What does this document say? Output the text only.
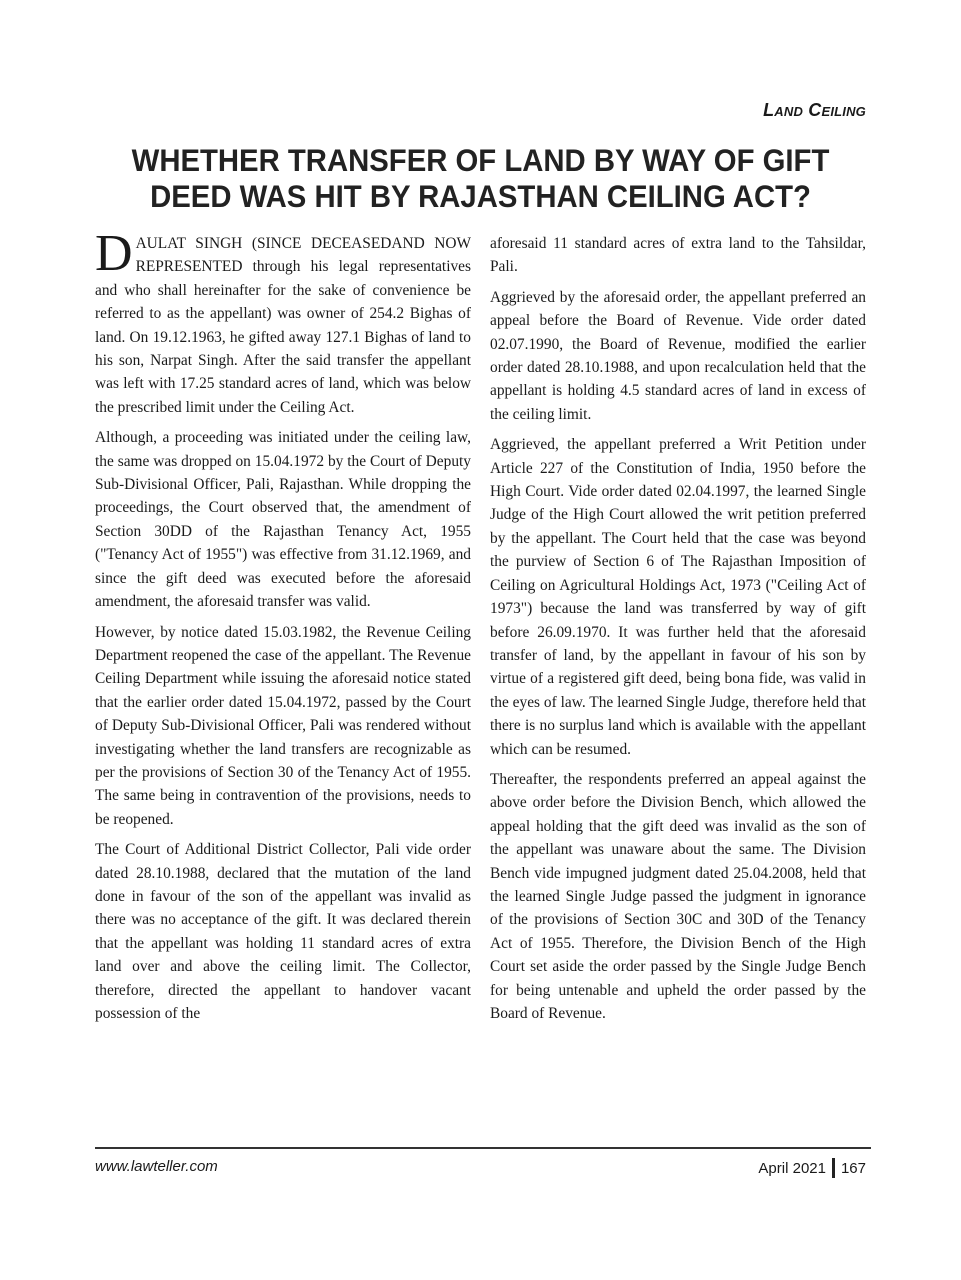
Land Ceiling
WHETHER TRANSFER OF LAND BY WAY OF GIFT DEED WAS HIT BY RAJASTHAN CEILING ACT?

DAULAT SINGH (SINCE DECEASEDAND NOW REPRESENTED through his legal representatives and who shall hereinafter for the sake of convenience be referred to as the appellant) was owner of 254.2 Bighas of land. On 19.12.1963, he gifted away 127.1 Bighas of land to his son, Narpat Singh. After the said transfer the appellant was left with 17.25 standard acres of land, which was below the prescribed limit under the Ceiling Act.

Although, a proceeding was initiated under the ceiling law, the same was dropped on 15.04.1972 by the Court of Deputy Sub-Divisional Officer, Pali, Rajasthan. While dropping the proceedings, the Court observed that, the amendment of Section 30DD of the Rajasthan Tenancy Act, 1955 ("Tenancy Act of 1955") was effective from 31.12.1969, and since the gift deed was executed before the aforesaid amendment, the aforesaid transfer was valid.

However, by notice dated 15.03.1982, the Revenue Ceiling Department reopened the case of the appellant. The Revenue Ceiling Department while issuing the aforesaid notice stated that the earlier order dated 15.04.1972, passed by the Court of Deputy Sub-Divisional Officer, Pali was rendered without investigating whether the land transfers are recognizable as per the provisions of Section 30 of the Tenancy Act of 1955. The same being in contravention of the provisions, needs to be reopened.

The Court of Additional District Collector, Pali vide order dated 28.10.1988, declared that the mutation of the land done in favour of the son of the appellant was invalid as there was no acceptance of the gift. It was declared therein that the appellant was holding 11 standard acres of extra land over and above the ceiling limit. The Collector, therefore, directed the appellant to handover vacant possession of the

aforesaid 11 standard acres of extra land to the Tahsildar, Pali.

Aggrieved by the aforesaid order, the appellant preferred an appeal before the Board of Revenue. Vide order dated 02.07.1990, the Board of Revenue, modified the earlier order dated 28.10.1988, and upon recalculation held that the appellant is holding 4.5 standard acres of land in excess of the ceiling limit.

Aggrieved, the appellant preferred a Writ Petition under Article 227 of the Constitution of India, 1950 before the High Court. Vide order dated 02.04.1997, the learned Single Judge of the High Court allowed the writ petition preferred by the appellant. The Court held that the case was beyond the purview of Section 6 of The Rajasthan Imposition of Ceiling on Agricultural Holdings Act, 1973 ("Ceiling Act of 1973") because the land was transferred by way of gift before 26.09.1970. It was further held that the aforesaid transfer of land, by the appellant in favour of his son by virtue of a registered gift deed, being bona fide, was valid in the eyes of law. The learned Single Judge, therefore held that there is no surplus land which is available with the appellant which can be resumed.

Thereafter, the respondents preferred an appeal against the above order before the Division Bench, which allowed the appeal holding that the gift deed was invalid as the son of the appellant was unaware about the same. The Division Bench vide impugned judgment dated 25.04.2008, held that the learned Single Judge passed the judgment in ignorance of the provisions of Section 30C and 30D of the Tenancy Act of 1955. Therefore, the Division Bench of the High Court set aside the order passed by the Single Judge Bench for being untenable and upheld the order passed by the Board of Revenue.

www.lawteller.com	April 2021 167
